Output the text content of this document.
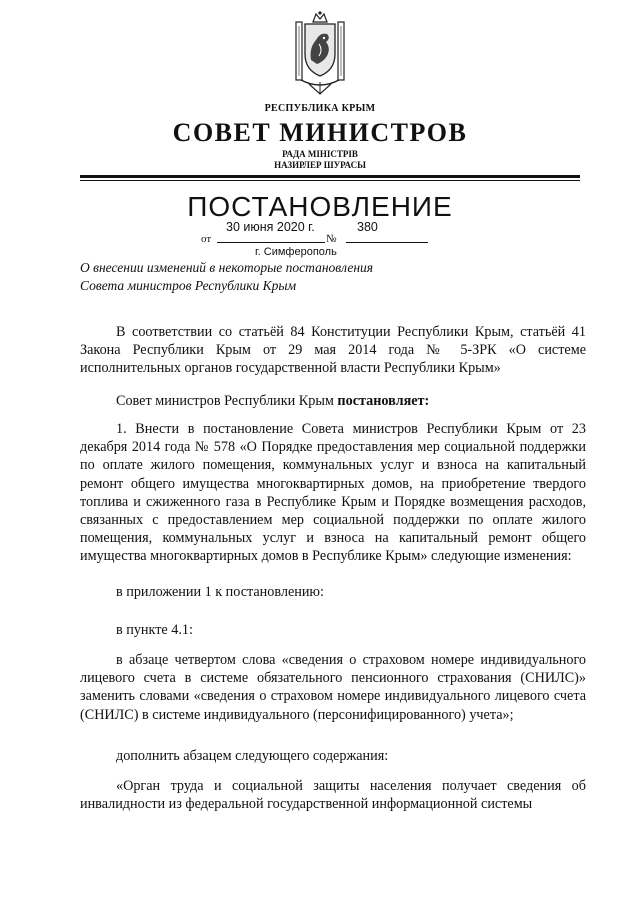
РЕСПУБЛИКА КРЫМ
СОВЕТ МИНИСТРОВ
РАДА МІНІСТРІВ
НАЗИРЛЕР ШУРАСЫ
ПОСТАНОВЛЕНИЕ
30 июня 2020 г.	380
от	№
г. Симферополь

О внесении изменений в некоторые постановления Совета министров Республики Крым

В соответствии со статьёй 84 Конституции Республики Крым, статьёй 41 Закона Республики Крым от 29 мая 2014 года № 5-ЗРК «О системе исполнительных органов государственной власти Республики Крым»

Совет министров Республики Крым постановляет:

1. Внести в постановление Совета министров Республики Крым от 23 декабря 2014 года № 578 «О Порядке предоставления мер социальной поддержки по оплате жилого помещения, коммунальных услуг и взноса на капитальный ремонт общего имущества многоквартирных домов, на приобретение твердого топлива и сжиженного газа в Республике Крым и Порядке возмещения расходов, связанных с предоставлением мер социальной поддержки по оплате жилого помещения, коммунальных услуг и взноса на капитальный ремонт общего имущества многоквартирных домов в Республике Крым» следующие изменения:

в приложении 1 к постановлению:

в пункте 4.1:

в абзаце четвертом слова «сведения о страховом номере индивидуального лицевого счета в системе обязательного пенсионного страхования (СНИЛС)» заменить словами «сведения о страховом номере индивидуального лицевого счета (СНИЛС) в системе индивидуального (персонифицированного) учета»;

дополнить абзацем следующего содержания:

«Орган труда и социальной защиты населения получает сведения об инвалидности из федеральной государственной информационной системы
